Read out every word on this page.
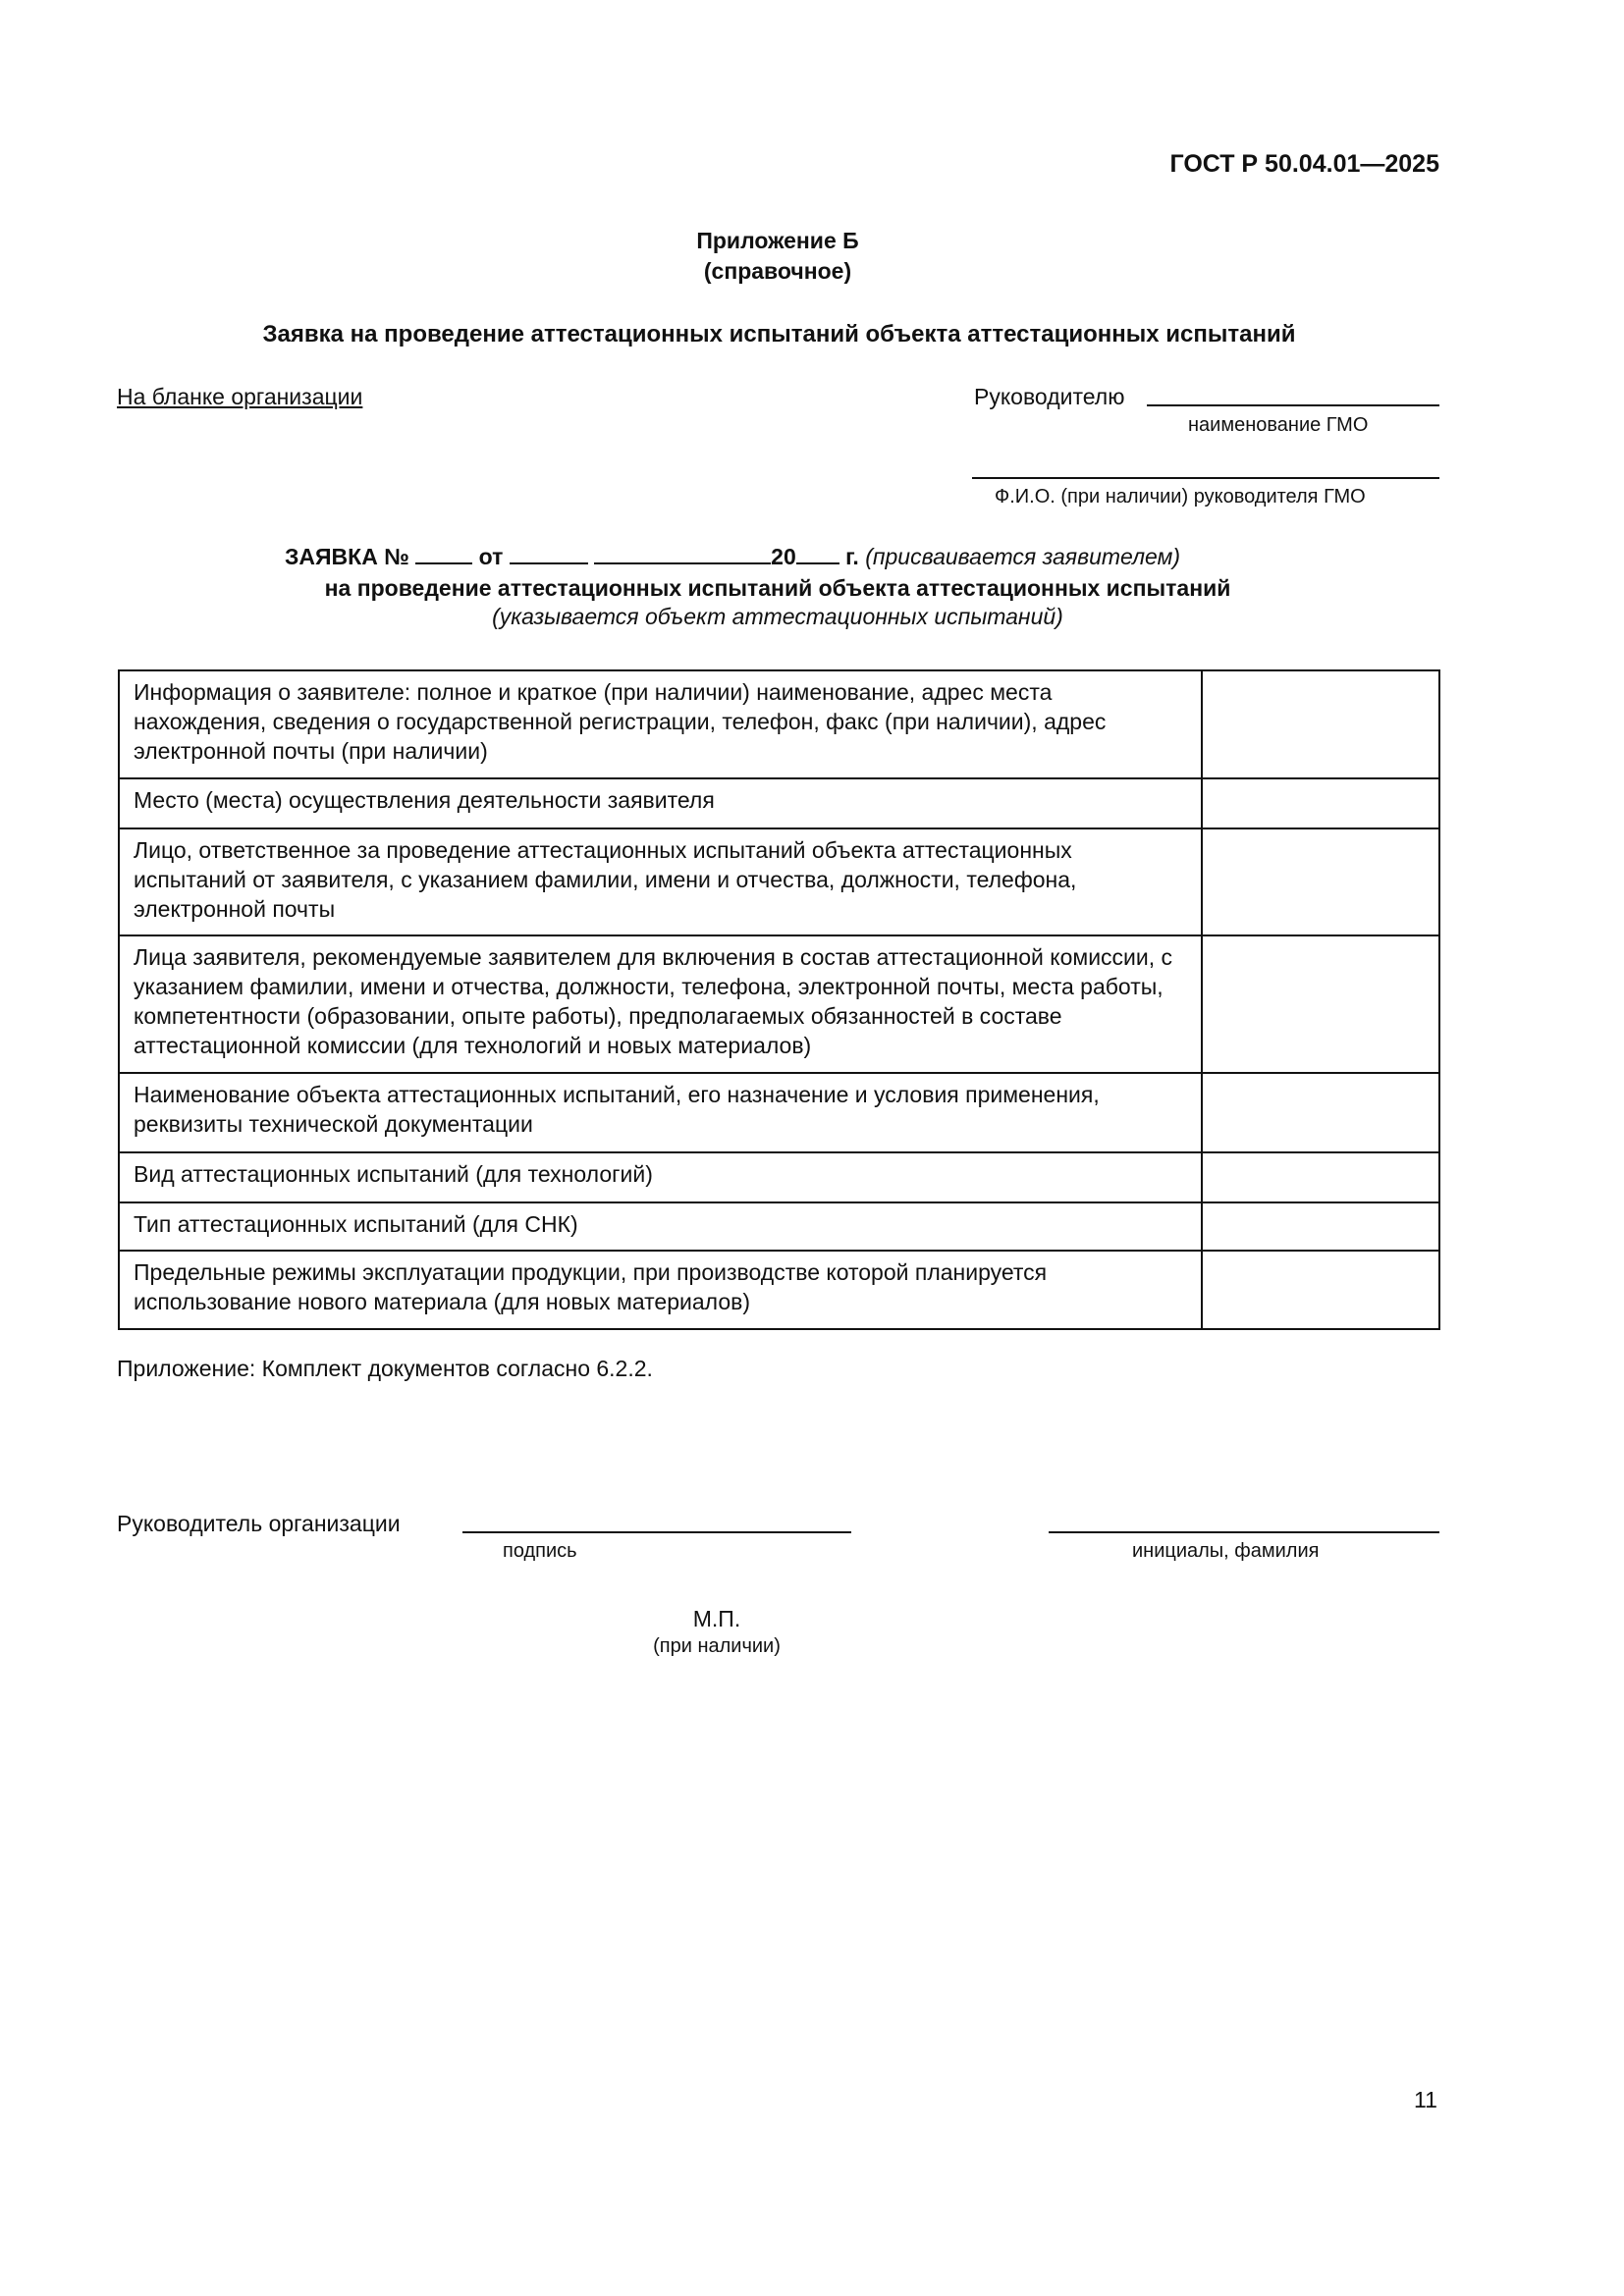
ГОСТ Р 50.04.01—2025
Приложение Б
(справочное)
Заявка на проведение аттестационных испытаний объекта аттестационных испытаний
На бланке организации	Руководителю
наименование ГМО
Ф.И.О. (при наличии) руководителя ГМО
ЗАЯВКА №	от	20 г. (присваивается заявителем)
на проведение аттестационных испытаний объекта аттестационных испытаний
(указывается объект аттестационных испытаний)
Информация о заявителе: полное и краткое (при наличии) наименование, адрес места нахождения, сведения о государственной регистрации, телефон, факс (при наличии), адрес электронной почты (при наличии)	
Место (места) осуществления деятельности заявителя	
Лицо, ответственное за проведение аттестационных испытаний объекта аттестационных испытаний от заявителя, с указанием фамилии, имени и отчества, должности, телефона, электронной почты	
Лица заявителя, рекомендуемые заявителем для включения в состав аттестационной комиссии, с указанием фамилии, имени и отчества, должности, телефона, электронной почты, места работы, компетентности (образовании, опыте работы), предполагаемых обязанностей в составе аттестационной комиссии (для технологий и новых материалов)	
Наименование объекта аттестационных испытаний, его назначение и условия применения, реквизиты технической документации	
Вид аттестационных испытаний (для технологий)	
Тип аттестационных испытаний (для СНК)	
Предельные режимы эксплуатации продукции, при производстве которой планируется использование нового материала (для новых материалов)	
Приложение: Комплект документов согласно 6.2.2.
Руководитель организации
подпись	инициалы, фамилия
М.П.
(при наличии)
11
